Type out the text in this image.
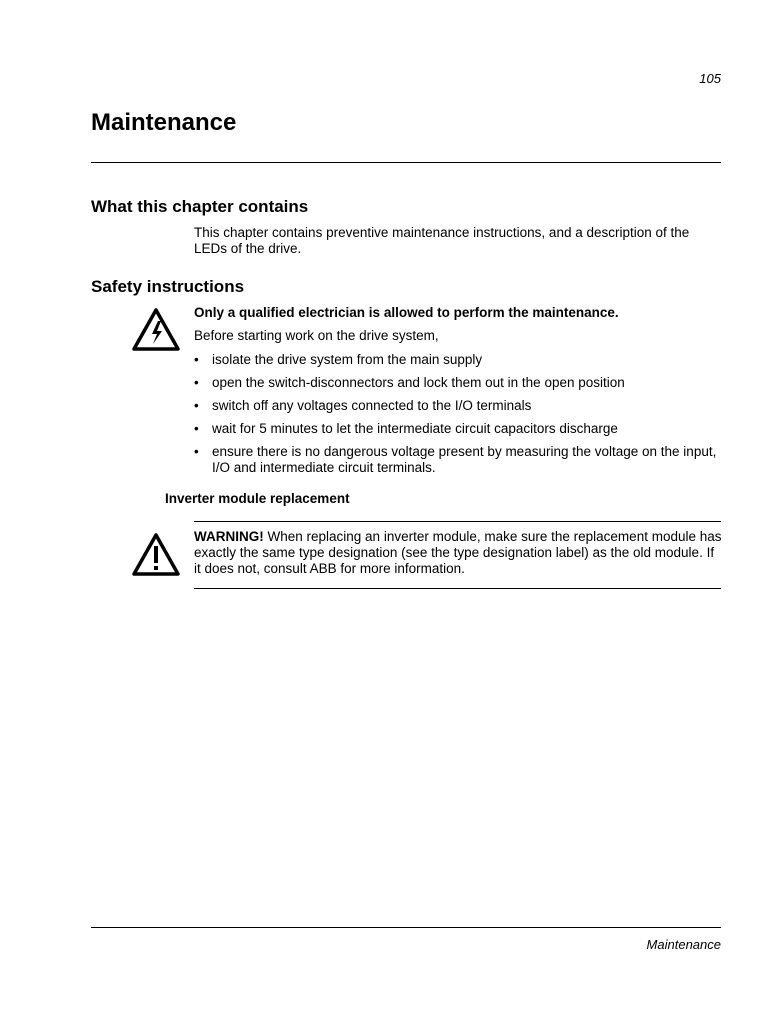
105
Maintenance
What this chapter contains
This chapter contains preventive maintenance instructions, and a description of the LEDs of the drive.
Safety instructions
Only a qualified electrician is allowed to perform the maintenance.
Before starting work on the drive system,
• isolate the drive system from the main supply
• open the switch-disconnectors and lock them out in the open position
• switch off any voltages connected to the I/O terminals
• wait for 5 minutes to let the intermediate circuit capacitors discharge
• ensure there is no dangerous voltage present by measuring the voltage on the input, I/O and intermediate circuit terminals.
Inverter module replacement
WARNING! When replacing an inverter module, make sure the replacement module has exactly the same type designation (see the type designation label) as the old module. If it does not, consult ABB for more information.
Maintenance
